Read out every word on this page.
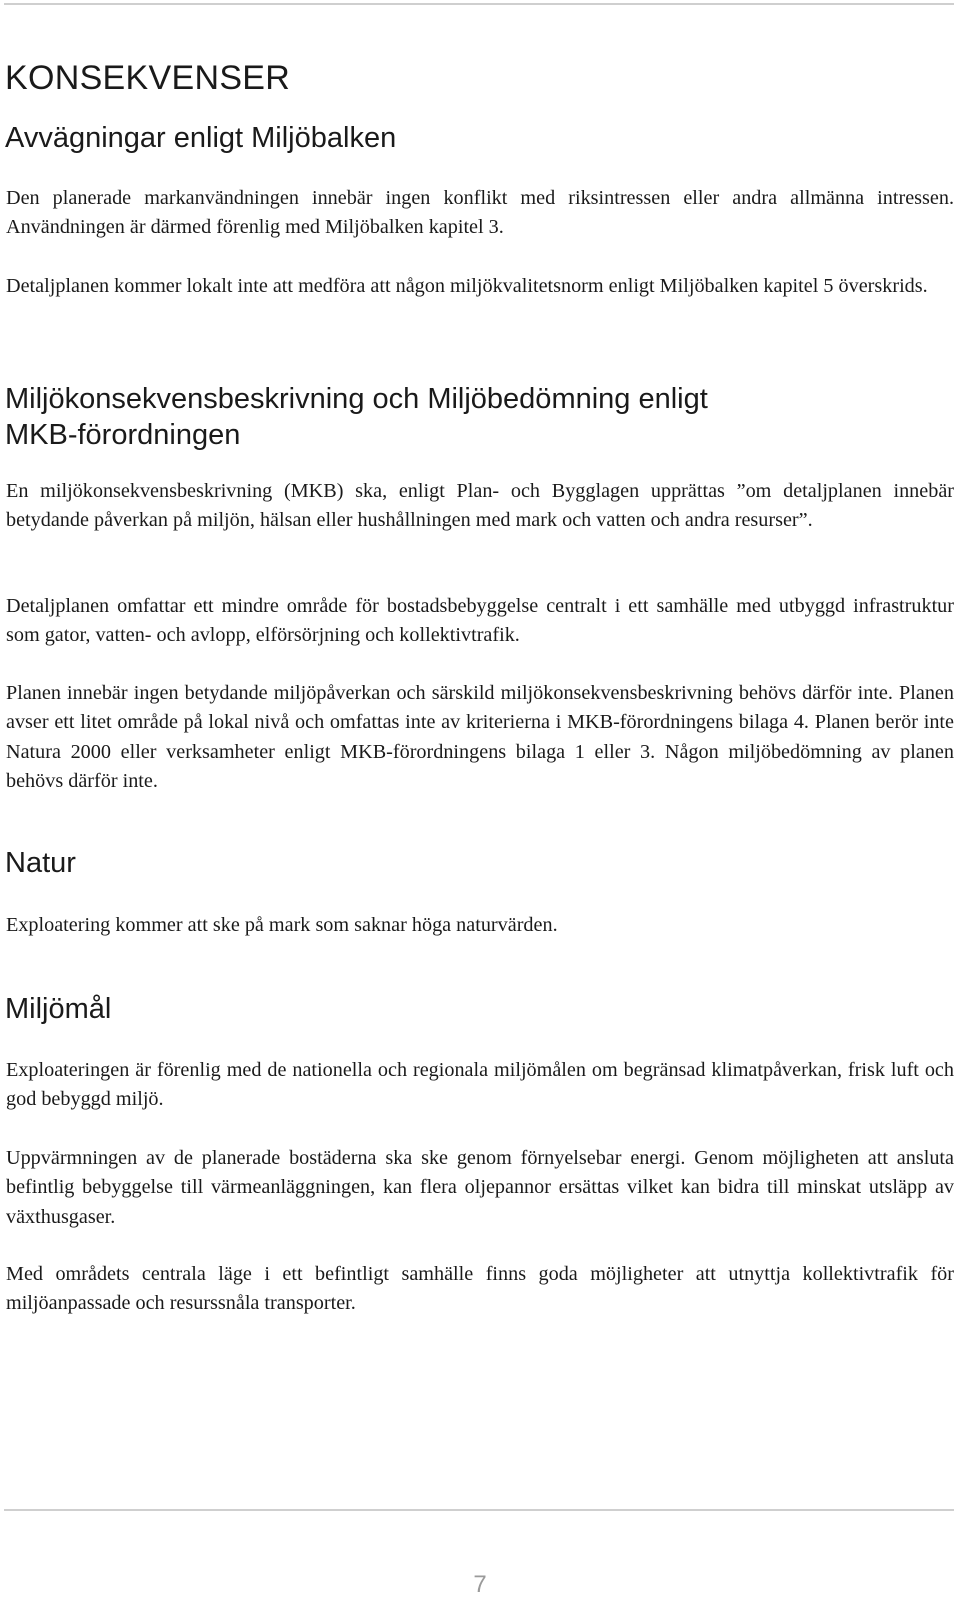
KONSEKVENSER
Avvägningar enligt Miljöbalken

Den planerade markanvändningen innebär ingen konflikt med riksintressen eller andra allmänna intressen. Användningen är därmed förenlig med Miljöbalken kapitel 3.

Detaljplanen kommer lokalt inte att medföra att någon miljökvalitetsnorm enligt Miljöbalken kapitel 5 överskrids.

Miljökonsekvensbeskrivning och Miljöbedömning enligt
MKB-förordningen

En miljökonsekvensbeskrivning (MKB) ska, enligt Plan- och Bygglagen upprättas ”om detaljplanen innebär betydande påverkan på miljön, hälsan eller hushållningen med mark och vatten och andra resurser”.

Detaljplanen omfattar ett mindre område för bostadsbebyggelse centralt i ett samhälle med utbyggd infrastruktur som gator, vatten- och avlopp, elförsörjning och kollektivtrafik.

Planen innebär ingen betydande miljöpåverkan och särskild miljökonsekvensbeskrivning behövs därför inte. Planen avser ett litet område på lokal nivå och omfattas inte av kriterierna i MKB-förordningens bilaga 4. Planen berör inte Natura 2000 eller verksamheter enligt MKB-förordningens bilaga 1 eller 3. Någon miljöbedömning av planen behövs därför inte.

Natur

Exploatering kommer att ske på mark som saknar höga naturvärden.

Miljömål

Exploateringen är förenlig med de nationella och regionala miljömålen om begränsad klimatpåverkan, frisk luft och god bebyggd miljö.

Uppvärmningen av de planerade bostäderna ska ske genom förnyelsebar energi. Genom möjligheten att ansluta befintlig bebyggelse till värmeanläggningen, kan flera oljepannor ersättas vilket kan bidra till minskat utsläpp av växthusgaser.

Med områdets centrala läge i ett befintligt samhälle finns goda möjligheter att utnyttja kollektivtrafik för miljöanpassade och resurssnåla transporter.

7
